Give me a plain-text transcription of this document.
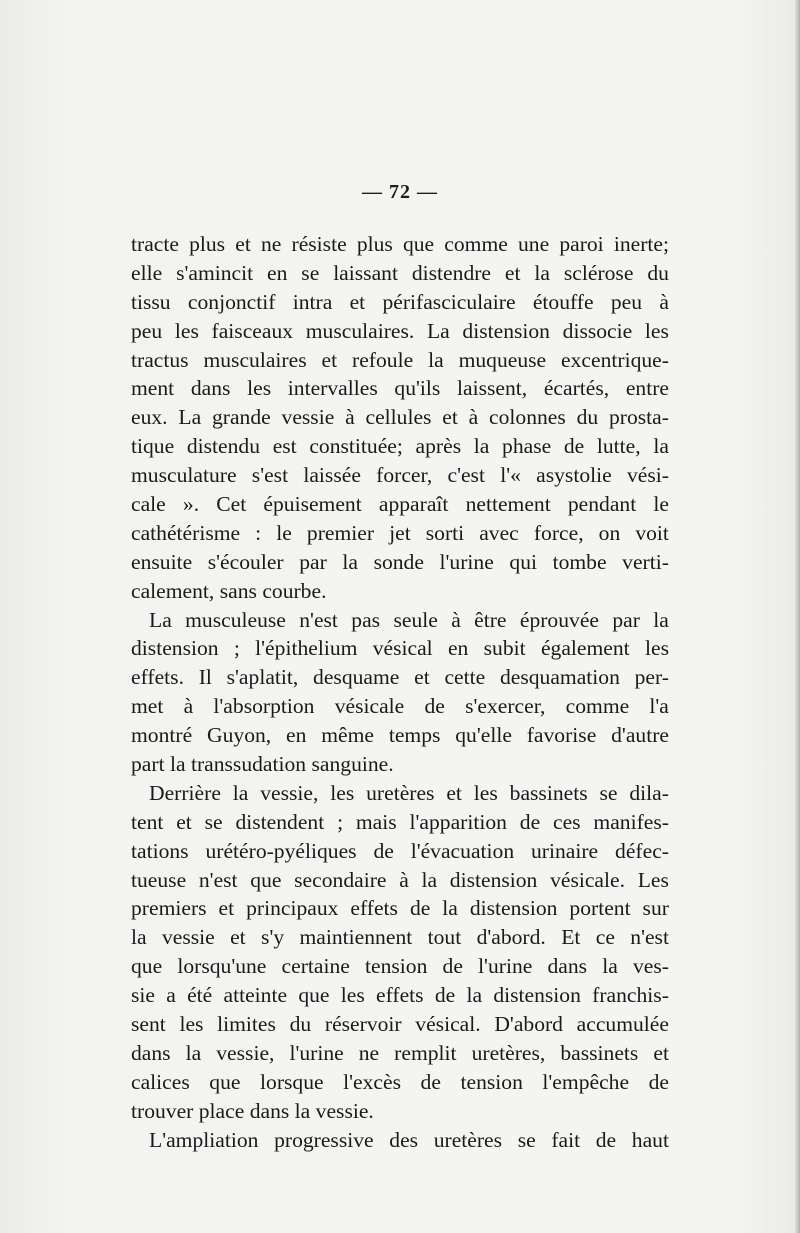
— 72 —
tracte plus et ne résiste plus que comme une paroi inerte;
elle s'amincit en se laissant distendre et la sclérose du
tissu conjonctif intra et périfasciculaire étouffe peu à
peu les faisceaux musculaires. La distension dissocie les
tractus musculaires et refoule la muqueuse excentrique-
ment dans les intervalles qu'ils laissent, écartés, entre
eux. La grande vessie à cellules et à colonnes du prosta-
tique distendu est constituée; après la phase de lutte, la
musculature s'est laissée forcer, c'est l'« asystolie vési-
cale ». Cet épuisement apparaît nettement pendant le
cathétérisme : le premier jet sorti avec force, on voit
ensuite s'écouler par la sonde l'urine qui tombe verti-
calement, sans courbe.
La musculeuse n'est pas seule à être éprouvée par la
distension ; l'épithelium vésical en subit également les
effets. Il s'aplatit, desquame et cette desquamation per-
met à l'absorption vésicale de s'exercer, comme l'a
montré Guyon, en même temps qu'elle favorise d'autre
part la transsudation sanguine.
Derrière la vessie, les uretères et les bassinets se dila-
tent et se distendent ; mais l'apparition de ces manifes-
tations urétéro-pyéliques de l'évacuation urinaire défec-
tueuse n'est que secondaire à la distension vésicale. Les
premiers et principaux effets de la distension portent sur
la vessie et s'y maintiennent tout d'abord. Et ce n'est
que lorsqu'une certaine tension de l'urine dans la ves-
sie a été atteinte que les effets de la distension franchis-
sent les limites du réservoir vésical. D'abord accumulée
dans la vessie, l'urine ne remplit uretères, bassinets et
calices que lorsque l'excès de tension l'empêche de
trouver place dans la vessie.
L'ampliation progressive des uretères se fait de haut
